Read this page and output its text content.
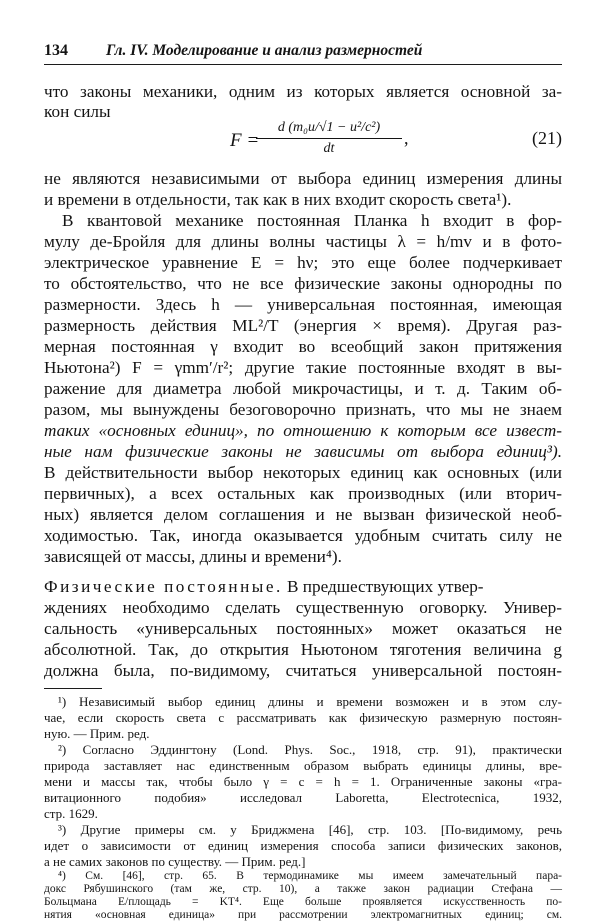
134 Гл. IV. Моделирование и анализ размерностей
что законы механики, одним из которых является основной за-
кон силы
F =
d (m₀u/√1 − u²/c²)
dt
,	(21)
не являются независимыми от выбора единиц измерения длины
и времени в отдельности, так как в них входит скорость света¹).
В квантовой механике постоянная Планка h входит в фор-
мулу де-Бройля для длины волны частицы λ = h/mv и в фото-
электрическое уравнение E = hν; это еще более подчеркивает
то обстоятельство, что не все физические законы однородны по
размерности. Здесь h — универсальная постоянная, имеющая
размерность действия ML²/T (энергия × время). Другая раз-
мерная постоянная γ входит во всеобщий закон притяжения
Ньютона²) F = γmm′/r²; другие такие постоянные входят в вы-
ражение для диаметра любой микрочастицы, и т. д. Таким об-
разом, мы вынуждены безоговорочно признать, что мы не знаем
таких «основных единиц», по отношению к которым все извест-
ные нам физические законы не зависимы от выбора единиц³).
В действительности выбор некоторых единиц как основных (или
первичных), а всех остальных как производных (или вторич-
ных) является делом соглашения и не вызван физической необ-
ходимостью. Так, иногда оказывается удобным считать силу не
зависящей от массы, длины и времени⁴).
Физические постоянные. В предшествующих утвер-
ждениях необходимо сделать существенную оговорку. Универ-
сальность «универсальных постоянных» может оказаться не
абсолютной. Так, до открытия Ньютоном тяготения величина g
должна была, по-видимому, считаться универсальной постоян-
¹) Независимый выбор единиц длины и времени возможен и в этом слу-
чае, если скорость света c рассматривать как физическую размерную постоян-
ную. — Прим. ред.
²) Согласно Эддингтону (Lond. Phys. Soc., 1918, стр. 91), практически
природа заставляет нас единственным образом выбрать единицы длины, вре-
мени и массы так, чтобы было γ = c = h = 1. Ограниченные законы «гра-
витационного подобия» исследовал Laboretta, Electrotecnica, 1932,
стр. 1629.
³) Другие примеры см. у Бриджмена [46], стр. 103. [По-видимому, речь
идет о зависимости от единиц измерения способа записи физических законов,
а не самих законов по существу. — Прим. ред.]
⁴) См. [46], стр. 65. В термодинамике мы имеем замечательный пара-
докс Рябушинского (там же, стр. 10), а также закон радиации Стефана —
Больцмана E/площадь = KT⁴. Еще больше проявляется искусственность по-
нятия «основная единица» при рассмотрении электромагнитных единиц; см.
